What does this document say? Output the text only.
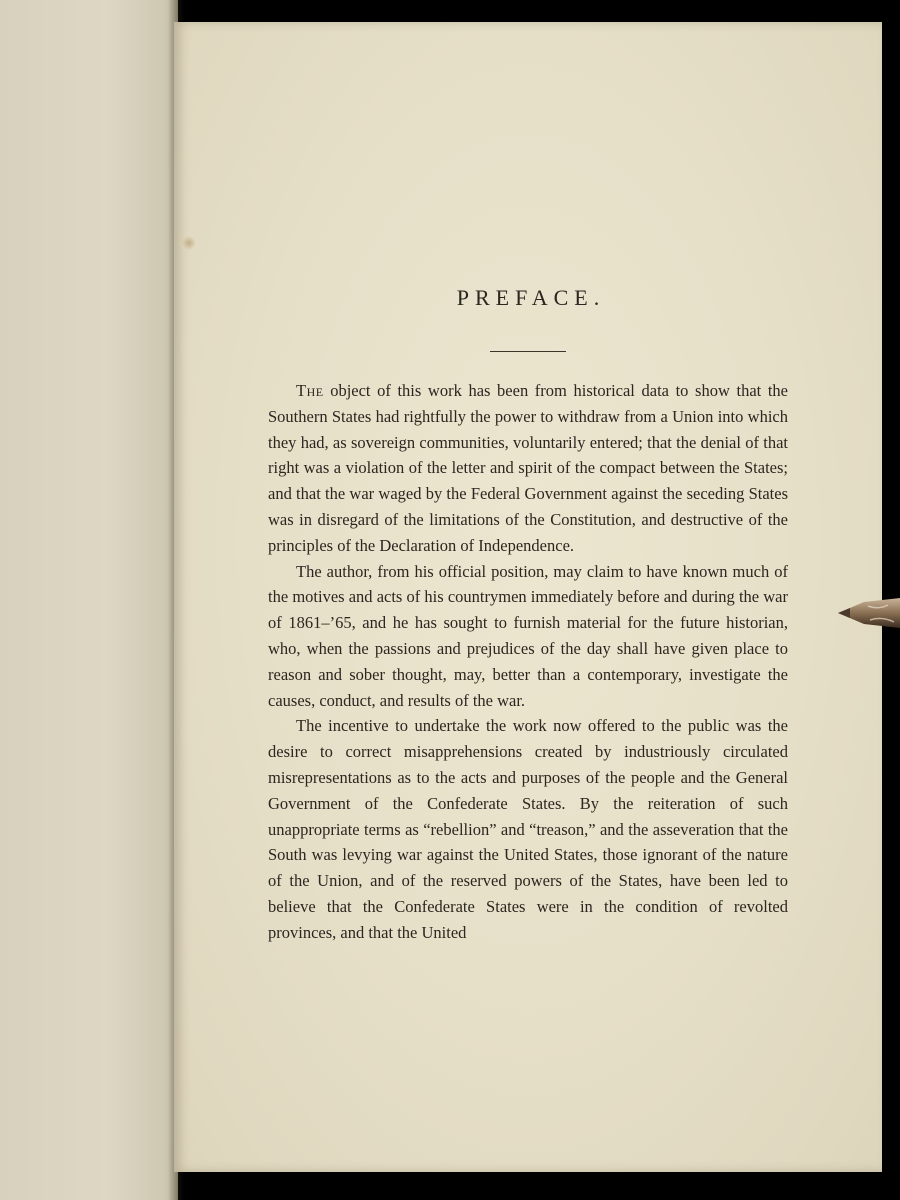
PREFACE.

The object of this work has been from historical data to show that the Southern States had rightfully the power to withdraw from a Union into which they had, as sovereign communities, voluntarily entered; that the denial of that right was a violation of the letter and spirit of the compact between the States; and that the war waged by the Federal Government against the seceding States was in disregard of the limitations of the Constitution, and destructive of the principles of the Declaration of Independence.

The author, from his official position, may claim to have known much of the motives and acts of his countrymen immediately before and during the war of 1861–’65, and he has sought to furnish material for the future historian, who, when the passions and prejudices of the day shall have given place to reason and sober thought, may, better than a contemporary, investigate the causes, conduct, and results of the war.

The incentive to undertake the work now offered to the public was the desire to correct misapprehensions created by industriously circulated misrepresentations as to the acts and purposes of the people and the General Government of the Confederate States. By the reiteration of such unappropriate terms as “rebellion” and “treason,” and the asseveration that the South was levying war against the United States, those ignorant of the nature of the Union, and of the reserved powers of the States, have been led to believe that the Confederate States were in the condition of revolted provinces, and that the United
